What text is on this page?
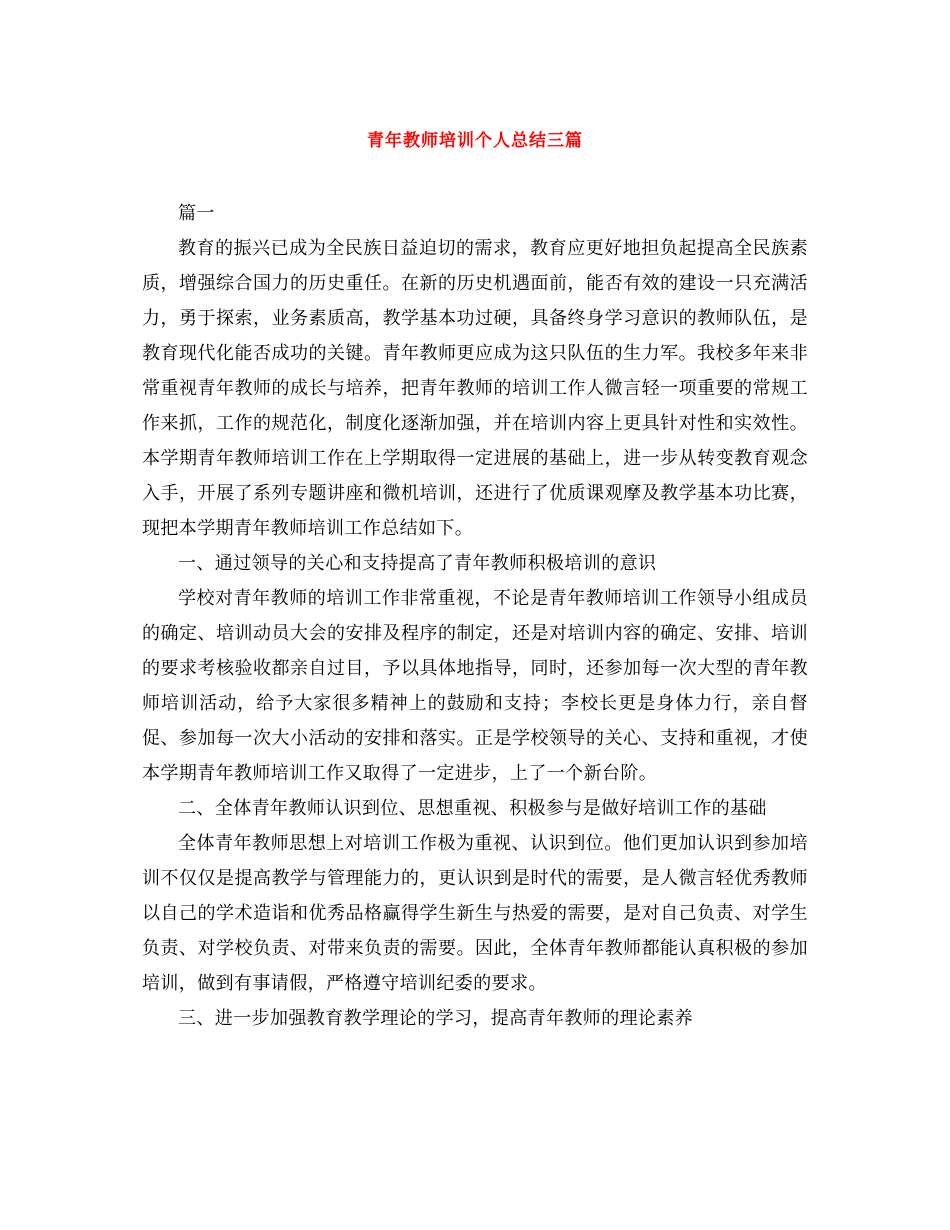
青年教师培训个人总结三篇

篇一

教育的振兴已成为全民族日益迫切的需求，教育应更好地担负起提高全民族素质，增强综合国力的历史重任。在新的历史机遇面前，能否有效的建设一只充满活力，勇于探索，业务素质高，教学基本功过硬，具备终身学习意识的教师队伍，是教育现代化能否成功的关键。青年教师更应成为这只队伍的生力军。我校多年来非常重视青年教师的成长与培养，把青年教师的培训工作人微言轻一项重要的常规工作来抓，工作的规范化，制度化逐渐加强，并在培训内容上更具针对性和实效性。本学期青年教师培训工作在上学期取得一定进展的基础上，进一步从转变教育观念入手，开展了系列专题讲座和微机培训，还进行了优质课观摩及教学基本功比赛，现把本学期青年教师培训工作总结如下。

一、通过领导的关心和支持提高了青年教师积极培训的意识

学校对青年教师的培训工作非常重视，不论是青年教师培训工作领导小组成员的确定、培训动员大会的安排及程序的制定，还是对培训内容的确定、安排、培训的要求考核验收都亲自过目，予以具体地指导，同时，还参加每一次大型的青年教师培训活动，给予大家很多精神上的鼓励和支持；李校长更是身体力行，亲自督促、参加每一次大小活动的安排和落实。正是学校领导的关心、支持和重视，才使本学期青年教师培训工作又取得了一定进步，上了一个新台阶。

二、全体青年教师认识到位、思想重视、积极参与是做好培训工作的基础

全体青年教师思想上对培训工作极为重视、认识到位。他们更加认识到参加培训不仅仅是提高教学与管理能力的，更认识到是时代的需要，是人微言轻优秀教师以自己的学术造诣和优秀品格赢得学生新生与热爱的需要，是对自己负责、对学生负责、对学校负责、对带来负责的需要。因此，全体青年教师都能认真积极的参加培训，做到有事请假，严格遵守培训纪委的要求。

三、进一步加强教育教学理论的学习，提高青年教师的理论素养
